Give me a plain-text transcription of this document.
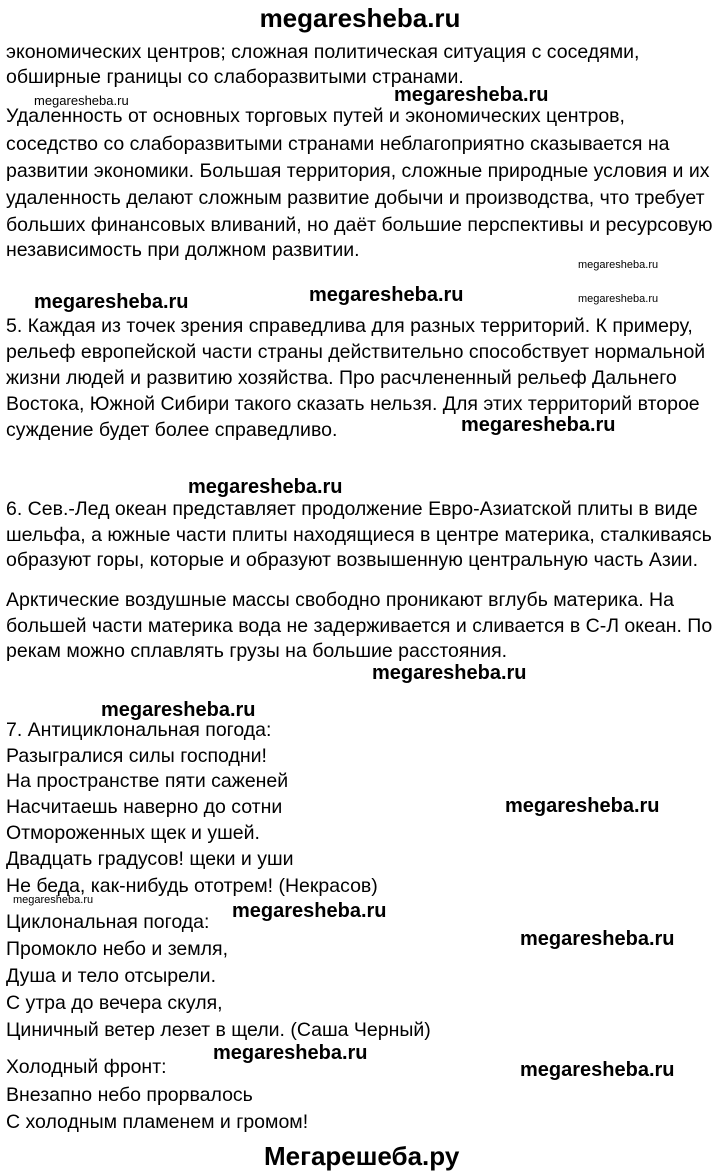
megaresheba.ru
экономических центров; сложная политическая ситуация с соседями,
обширные границы со слаборазвитыми странами.
Удаленность от основных торговых путей и экономических центров,
соседство со слаборазвитыми странами неблагоприятно сказывается на
развитии экономики. Большая территория, сложные природные условия и их
удаленность делают сложным развитие добычи и производства, что требует
больших финансовых вливаний, но даёт большие перспективы и ресурсовую
независимость при должном развитии.
5. Каждая из точек зрения справедлива для разных территорий. К примеру,
рельеф европейской части страны действительно способствует нормальной
жизни людей и развитию хозяйства. Про расчлененный рельеф Дальнего
Востока, Южной Сибири такого сказать нельзя. Для этих территорий второе
суждение будет более справедливо.
6. Сев.-Лед океан представляет продолжение Евро-Азиатской плиты в виде
шельфа, а южные части плиты находящиеся в центре материка, сталкиваясь
образуют горы, которые и образуют возвышенную центральную часть Азии.
Арктические воздушные массы свободно проникают вглубь материка. На
большей части материка вода не задерживается и сливается в С-Л океан. По
рекам можно сплавлять грузы на большие расстояния.
7. Антициклональная погода:
Разыгралися силы господни!
На пространстве пяти саженей
Насчитаешь наверно до сотни
Отмороженных щек и ушей.
Двадцать градусов! щеки и уши
Не беда, как-нибудь ототрем! (Некрасов)
Циклональная погода:
Промокло небо и земля,
Душа и тело отсырели.
С утра до вечера скуля,
Циничный ветер лезет в щели. (Саша Черный)
Холодный фронт:
Внезапно небо прорвалось
С холодным пламенем и громом!
megaresheba.ru	megaresheba.ru
megaresheba.ru
megaresheba.ru	megaresheba.ru	megaresheba.ru
megaresheba.ru
megaresheba.ru
megaresheba.ru
megaresheba.ru
megaresheba.ru
megaresheba.ru	megaresheba.ru
megaresheba.ru
megaresheba.ru
megaresheba.ru
Мегарешеба.ру
